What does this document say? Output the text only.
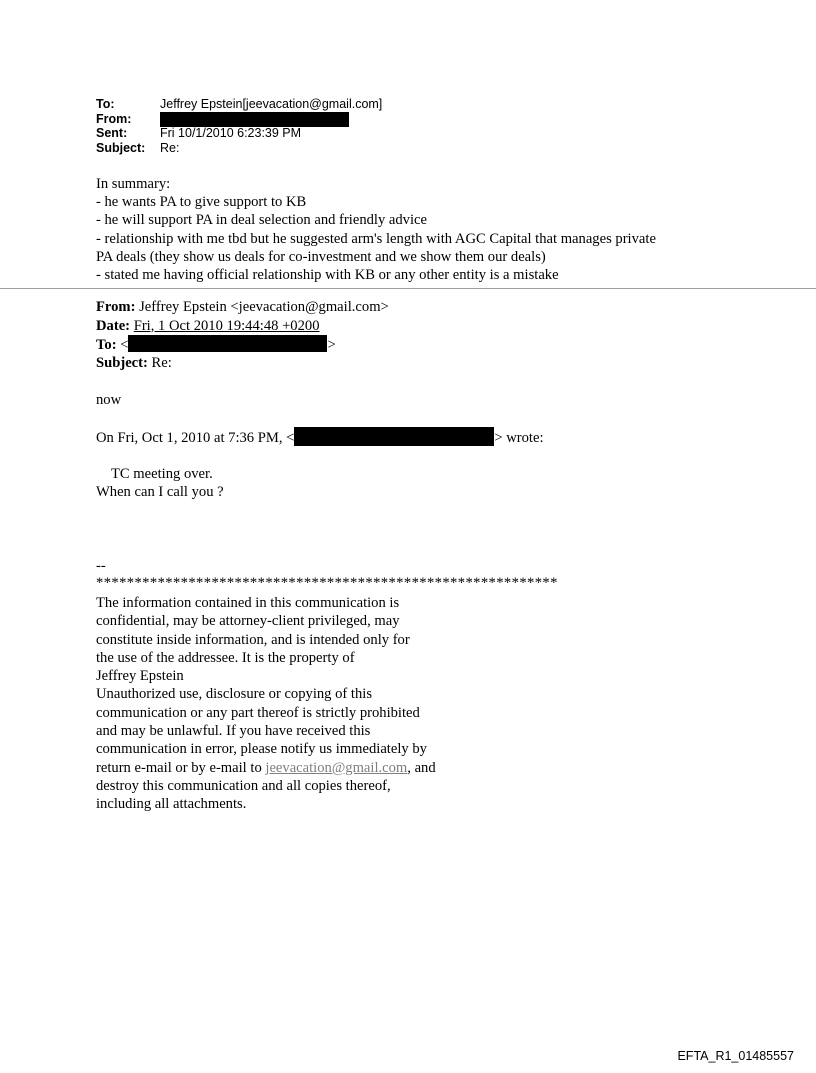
To:	Jeffrey Epstein[jeevacation@gmail.com]
From:
Sent:	Fri 10/1/2010 6:23:39 PM
Subject:	Re:
In summary:
- he wants PA to give support to KB
- he will support PA in deal selection and friendly advice
- relationship with me tbd but he suggested arm's length with AGC Capital that manages private
PA deals (they show us deals for co-investment and we show them our deals)
- stated me having official relationship with KB or any other entity is a mistake
From: Jeffrey Epstein <jeevacation@gmail.com>
Date: Fri, 1 Oct 2010 19:44:48 +0200
To: <	>
Subject: Re:
now
On Fri, Oct 1, 2010 at 7:36 PM, <	> wrote:
TC meeting over.
When can I call you ?
--
************************************************************
The information contained in this communication is
confidential, may be attorney-client privileged, may
constitute inside information, and is intended only for
the use of the addressee. It is the property of
Jeffrey Epstein
Unauthorized use, disclosure or copying of this
communication or any part thereof is strictly prohibited
and may be unlawful. If you have received this
communication in error, please notify us immediately by
return e-mail or by e-mail to jeevacation@gmail.com, and
destroy this communication and all copies thereof,
including all attachments.
EFTA_R1_01485557
